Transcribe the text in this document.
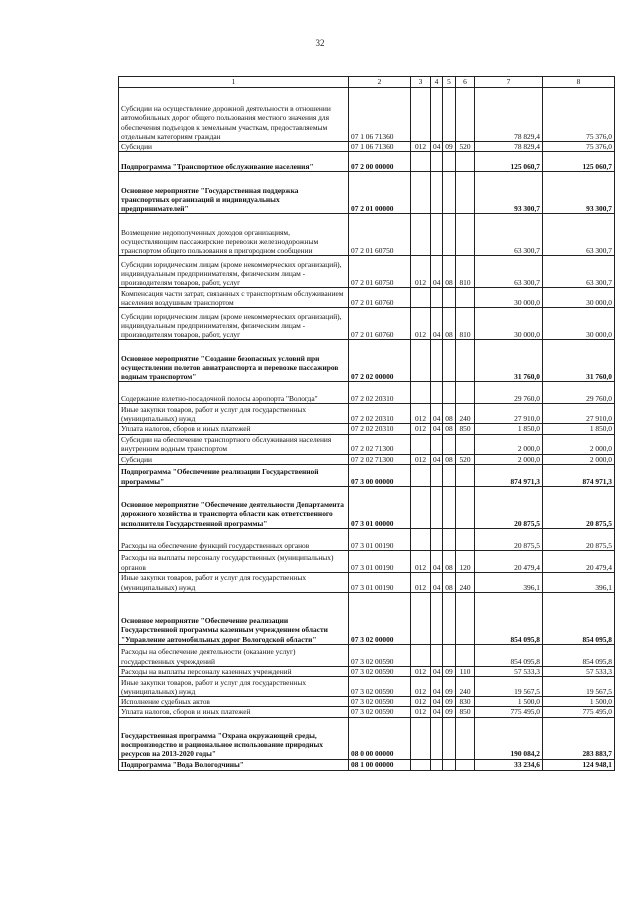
32
1	2	3	4	5	6	7	8
Субсидии на осуществление дорожной деятельности в отношении автомобильных дорог общего пользования местного значения для обеспечения подъездов к земельным участкам, предоставляемым отдельным категориям граждан	07 1 06 71360					78 829,4	75 376,0
Субсидии	07 1 06 71360	012	04	09	520	78 829,4	75 376,0
Подпрограмма "Транспортное обслуживание населения"	07 2 00 00000					125 060,7	125 060,7
Основное мероприятие "Государственная поддержка транспортных организаций и индивидуальных предпринимателей"	07 2 01 00000					93 300,7	93 300,7
Возмещение недополученных доходов организациям, осуществляющим пассажирские перевозки железнодорожным транспортом общего пользования в пригородном сообщении	07 2 01 60750					63 300,7	63 300,7
Субсидии юридическим лицам (кроме некоммерческих организаций), индивидуальным предпринимателям, физическим лицам - производителям товаров, работ, услуг	07 2 01 60750	012	04	08	810	63 300,7	63 300,7
Компенсация части затрат, связанных с транспортным обслуживанием населения воздушным транспортом	07 2 01 60760					30 000,0	30 000,0
Субсидии юридическим лицам (кроме некоммерческих организаций), индивидуальным предпринимателям, физическим лицам - производителям товаров, работ, услуг	07 2 01 60760	012	04	08	810	30 000,0	30 000,0
Основное мероприятие "Создание безопасных условий при осуществлении полетов авиатранспорта и перевозке пассажиров водным транспортом"	07 2 02 00000					31 760,0	31 760,0
Содержание взлетно-посадочной полосы аэропорта "Вологда"	07 2 02 20310					29 760,0	29 760,0
Иные закупки товаров, работ и услуг для государственных (муниципальных) нужд	07 2 02 20310	012	04	08	240	27 910,0	27 910,0
Уплата налогов, сборов и иных платежей	07 2 02 20310	012	04	08	850	1 850,0	1 850,0
Субсидии на обеспечение транспортного обслуживания населения внутренним водным транспортом	07 2 02 71300					2 000,0	2 000,0
Субсидии	07 2 02 71300	012	04	08	520	2 000,0	2 000,0
Подпрограмма "Обеспечение реализации Государственной программы"	07 3 00 00000					874 971,3	874 971,3
Основное мероприятие "Обеспечение деятельности Департамента дорожного хозяйства и транспорта области как ответственного исполнителя Государственной программы"	07 3 01 00000					20 875,5	20 875,5
Расходы на обеспечение функций государственных органов	07 3 01 00190					20 875,5	20 875,5
Расходы на выплаты персоналу государственных (муниципальных) органов	07 3 01 00190	012	04	08	120	20 479,4	20 479,4
Иные закупки товаров, работ и услуг для государственных (муниципальных) нужд	07 3 01 00190	012	04	08	240	396,1	396,1
Основное мероприятие "Обеспечение реализации Государственной программы казенным учреждением области "Управление автомобильных дорог Вологодской области"	07 3 02 00000					854 095,8	854 095,8
Расходы на обеспечение деятельности (оказание услуг) государственных учреждений	07 3 02 00590					854 095,8	854 095,8
Расходы на выплаты персоналу казенных учреждений	07 3 02 00590	012	04	09	110	57 533,3	57 533,3
Иные закупки товаров, работ и услуг для государственных (муниципальных) нужд	07 3 02 00590	012	04	09	240	19 567,5	19 567,5
Исполнение судебных актов	07 3 02 00590	012	04	09	830	1 500,0	1 500,0
Уплата налогов, сборов и иных платежей	07 3 02 00590	012	04	09	850	775 495,0	775 495,0
Государственная программа "Охрана окружающей среды, воспроизводство и рациональное использование природных ресурсов на 2013-2020 годы"	08 0 00 00000					190 084,2	283 883,7
Подпрограмма "Вода Вологодчины"	08 1 00 00000					33 234,6	124 948,1
